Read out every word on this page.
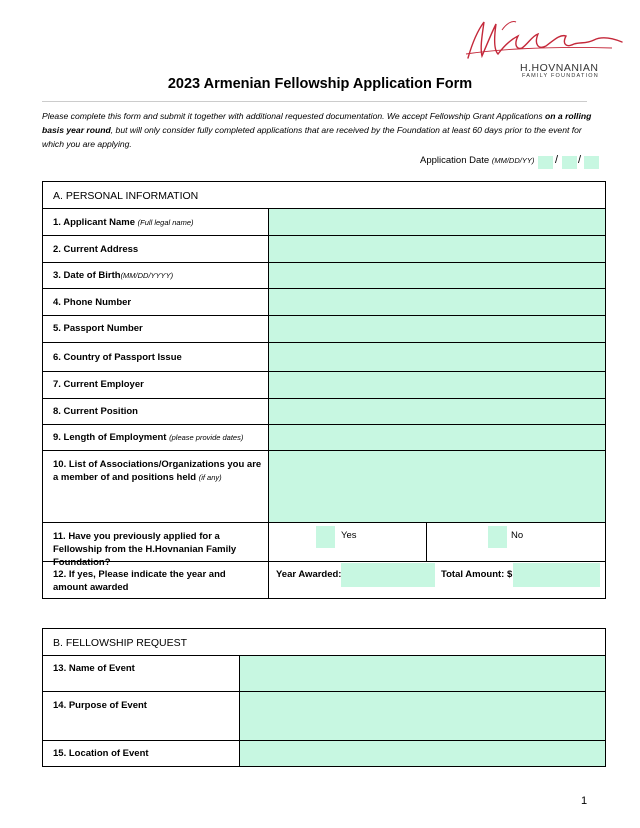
H.HOVNANIAN
FAMILY FOUNDATION
2023 Armenian Fellowship Application Form
Please complete this form and submit it together with additional requested documentation. We accept Fellowship Grant Applications on a rolling basis year round, but will only consider fully completed applications that are received by the Foundation at least 60 days prior to the event for which you are applying.
Application Date (MM/DD/YY) / /
A. PERSONAL INFORMATION
1. Applicant Name (Full legal name)
2. Current Address
3. Date of Birth(MM/DD/YYYY)
4. Phone Number
5. Passport Number
6. Country of Passport Issue
7. Current Employer
8. Current Position
9. Length of Employment (please provide dates)
10. List of Associations/Organizations you are a member of and positions held (if any)
11. Have you previously applied for a Fellowship from the H.Hovnanian Family Foundation?
Yes	No
12. If yes, Please indicate the year and amount awarded
Year Awarded:	Total Amount: $
B. FELLOWSHIP REQUEST
13. Name of Event
14. Purpose of Event
15. Location of Event
1
